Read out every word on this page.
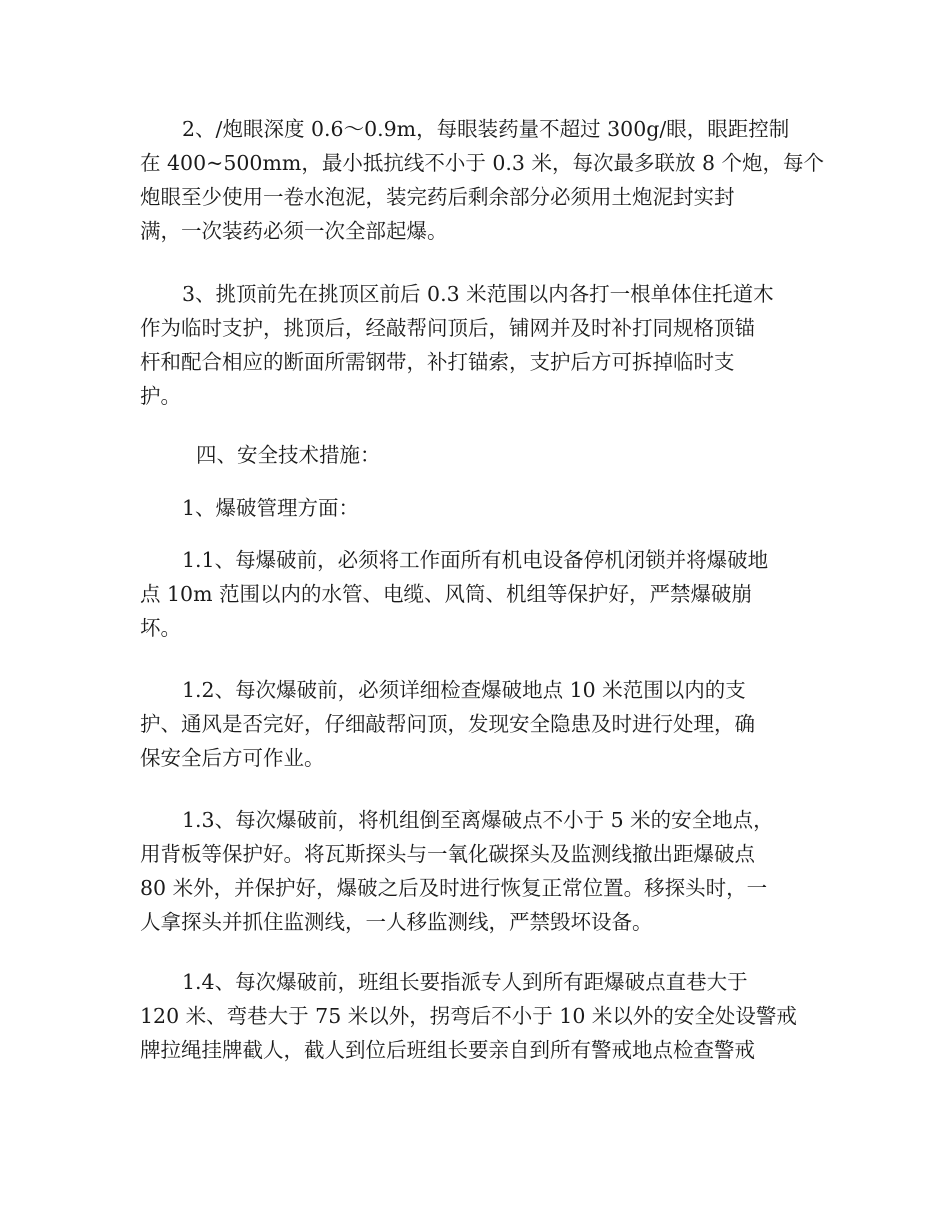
2、/炮眼深度 0.6～0.9m，每眼装药量不超过 300g/眼，眼距控制
在 400~500mm，最小抵抗线不小于 0.3 米，每次最多联放 8 个炮，每个
炮眼至少使用一卷水泡泥，装完药后剩余部分必须用土炮泥封实封
满，一次装药必须一次全部起爆。
3、挑顶前先在挑顶区前后 0.3 米范围以内各打一根单体住托道木
作为临时支护，挑顶后，经敲帮问顶后，铺网并及时补打同规格顶锚
杆和配合相应的断面所需钢带，补打锚索，支护后方可拆掉临时支
护。
四、安全技术措施：
1、爆破管理方面：
1.1、每爆破前，必须将工作面所有机电设备停机闭锁并将爆破地
点 10m 范围以内的水管、电缆、风筒、机组等保护好，严禁爆破崩
坏。
1.2、每次爆破前，必须详细检查爆破地点 10 米范围以内的支
护、通风是否完好，仔细敲帮问顶，发现安全隐患及时进行处理，确
保安全后方可作业。
1.3、每次爆破前，将机组倒至离爆破点不小于 5 米的安全地点，
用背板等保护好。将瓦斯探头与一氧化碳探头及监测线撤出距爆破点
80 米外，并保护好，爆破之后及时进行恢复正常位置。移探头时，一
人拿探头并抓住监测线，一人移监测线，严禁毁坏设备。
1.4、每次爆破前，班组长要指派专人到所有距爆破点直巷大于
120 米、弯巷大于 75 米以外，拐弯后不小于 10 米以外的安全处设警戒
牌拉绳挂牌截人，截人到位后班组长要亲自到所有警戒地点检查警戒
